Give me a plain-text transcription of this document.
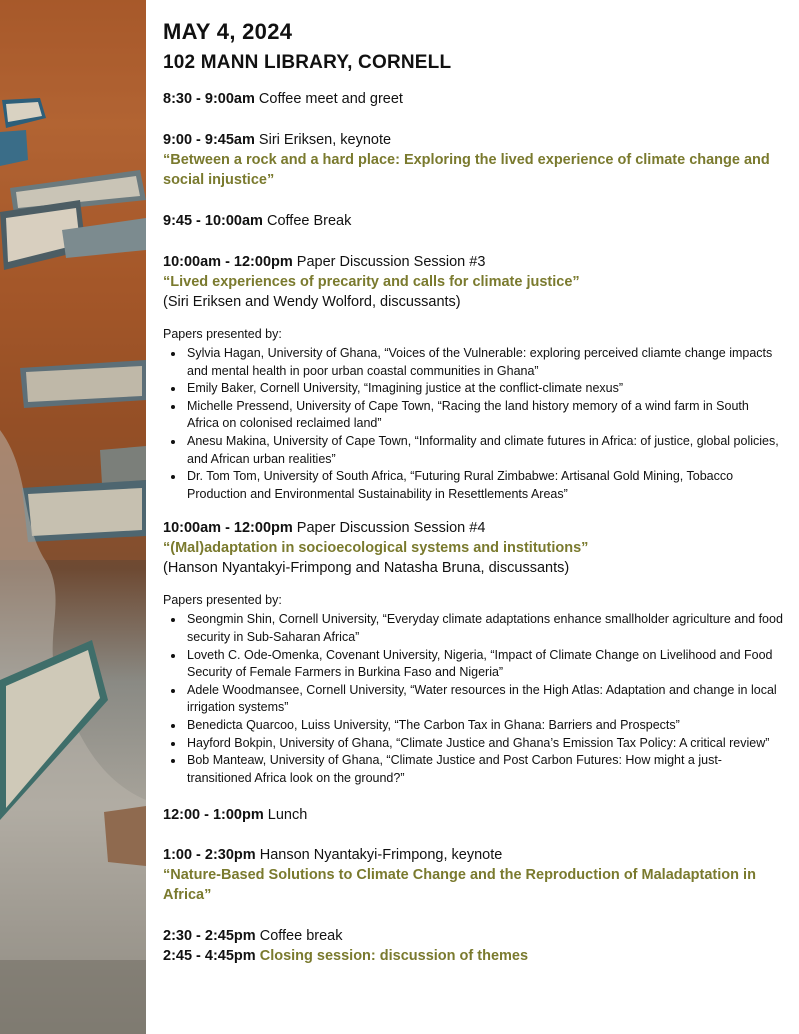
MAY 4, 2024
102 MANN LIBRARY, CORNELL
8:30 - 9:00am Coffee meet and greet
9:00 - 9:45am Siri Eriksen, keynote
“Between a rock and a hard place: Exploring the lived experience of climate change and social injustice”
9:45 - 10:00am Coffee Break
10:00am - 12:00pm Paper Discussion Session #3
“Lived experiences of precarity and calls for climate justice”
(Siri Eriksen and Wendy Wolford, discussants)
Papers presented by:
• Sylvia Hagan, University of Ghana, “Voices of the Vulnerable: exploring perceived cliamte change impacts and mental health in poor urban coastal communities in Ghana”
• Emily Baker, Cornell University, “Imagining justice at the conflict-climate nexus”
• Michelle Pressend, University of Cape Town, “Racing the land history memory of a wind farm in South Africa on colonised reclaimed land”
• Anesu Makina, University of Cape Town, “Informality and climate futures in Africa: of justice, global policies, and African urban realities”
• Dr. Tom Tom, University of South Africa, “Futuring Rural Zimbabwe: Artisanal Gold Mining, Tobacco Production and Environmental Sustainability in Resettlements Areas”
10:00am - 12:00pm Paper Discussion Session #4
“(Mal)adaptation in socioecological systems and institutions”
(Hanson Nyantakyi-Frimpong and Natasha Bruna, discussants)
Papers presented by:
• Seongmin Shin, Cornell University, “Everyday climate adaptations enhance smallholder agriculture and food security in Sub-Saharan Africa”
• Loveth C. Ode-Omenka, Covenant University, Nigeria, “Impact of Climate Change on Livelihood and Food Security of Female Farmers in Burkina Faso and Nigeria”
• Adele Woodmansee, Cornell University, “Water resources in the High Atlas: Adaptation and change in local irrigation systems”
• Benedicta Quarcoo, Luiss University, “The Carbon Tax in Ghana: Barriers and Prospects”
• Hayford Bokpin, University of Ghana, “Climate Justice and Ghana’s Emission Tax Policy: A critical review”
• Bob Manteaw, University of Ghana, “Climate Justice and Post Carbon Futures: How might a just-transitioned Africa look on the ground?”
12:00 - 1:00pm Lunch
1:00 - 2:30pm Hanson Nyantakyi-Frimpong, keynote
“Nature-Based Solutions to Climate Change and the Reproduction of Maladaptation in Africa”
2:30 - 2:45pm Coffee break
2:45 - 4:45pm Closing session: discussion of themes
